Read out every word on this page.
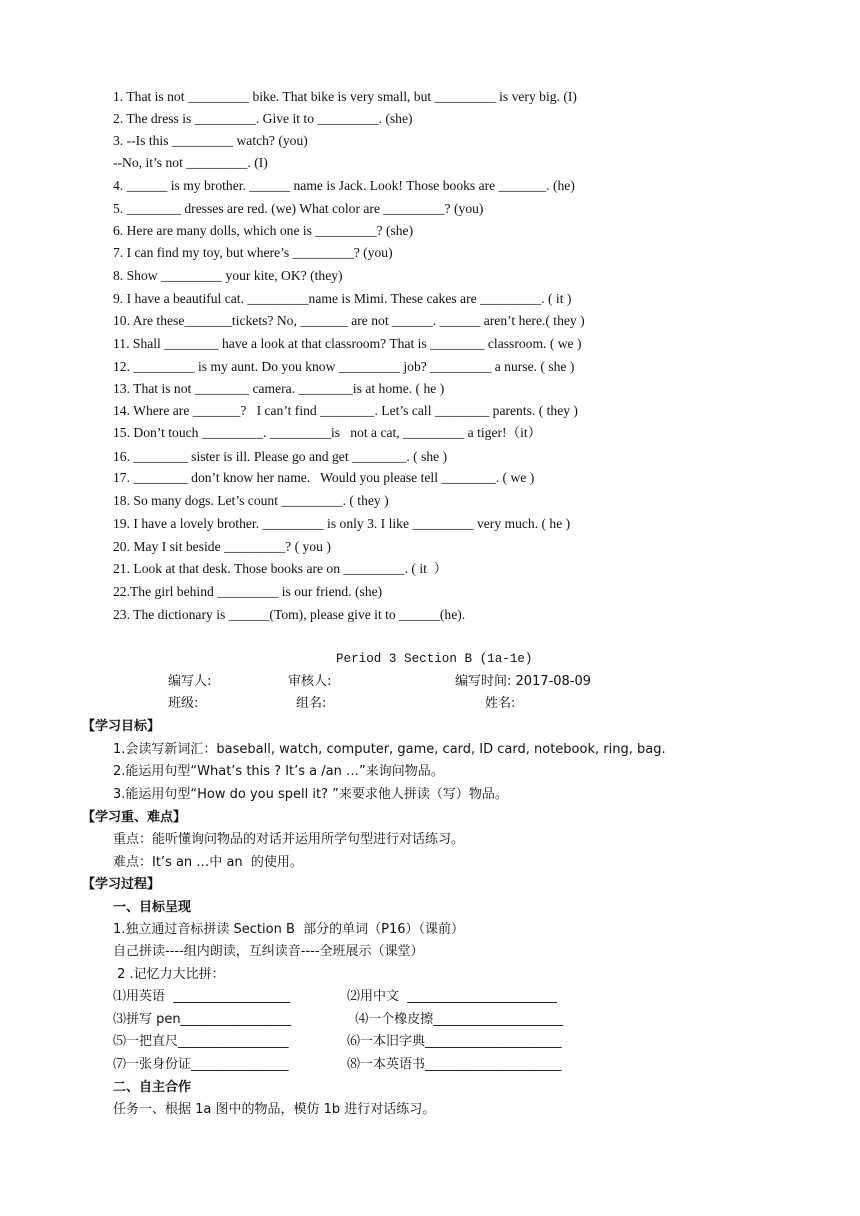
1. That is not _________ bike. That bike is very small, but _________ is very big. (I)
2. The dress is _________. Give it to _________. (she)
3. --Is this _________ watch? (you)
--No, it’s not _________. (I)
4. ______ is my brother. ______ name is Jack. Look! Those books are _______. (he)
5. ________ dresses are red. (we) What color are _________? (you)
6. Here are many dolls, which one is _________? (she)
7. I can find my toy, but where’s _________? (you)
8. Show _________ your kite, OK? (they)
9. I have a beautiful cat. _________name is Mimi. These cakes are _________. ( it )
10. Are these_______tickets? No, _______ are not ______. ______ aren’t here.( they )
11. Shall ________ have a look at that classroom? That is ________ classroom. ( we )
12. _________ is my aunt. Do you know _________ job? _________ a nurse. ( she )
13. That is not ________ camera. ________is at home. ( he )
14. Where are _______?   I can’t find ________. Let’s call ________ parents. ( they )
15. Don’t touch _________. _________is   not a cat, _________ a tiger!（it）
16. ________ sister is ill. Please go and get ________. ( she )
17. ________ don’t know her name.   Would you please tell ________. ( we )
18. So many dogs. Let’s count _________. ( they )
19. I have a lovely brother. _________ is only 3. I like _________ very much. ( he )
20. May I sit beside _________? ( you )
21. Look at that desk. Those books are on _________. ( it  ）
22.The girl behind _________ is our friend. (she)
23. The dictionary is ______(Tom), please give it to ______(he).
Period 3 Section B (1a-1e)
编写人:	审核人:	编写时间: 2017-08-09
班级:	组名:	姓名:
【学习目标】
1.会读写新词汇：baseball, watch, computer, game, card, ID card, notebook, ring, bag.
2.能运用句型“What’s this ? It’s a /an …”来询问物品。
3.能运用句型“How do you spell it? ”来要求他人拼读（写）物品。
【学习重、难点】
重点：能听懂询问物品的对话并运用所学句型进行对话练习。
难点：It’s an …中 an  的使用。
【学习过程】
一、目标呈现
1.独立通过音标拼读 Section B  部分的单词（P16）（课前）
自己拼读----组内朗读，互纠读音----全班展示（课堂）
2 .记忆力大比拼：
⑴用英语  __________________	⑵用中文  _______________________
⑶拼写 pen_________________	⑷一个橡皮擦____________________
⑸一把直尺_________________	⑹一本旧字典_____________________
⑺一张身份证_______________	⑻一本英语书_____________________
二、自主合作
任务一、根据 1a 图中的物品，模仿 1b 进行对话练习。
